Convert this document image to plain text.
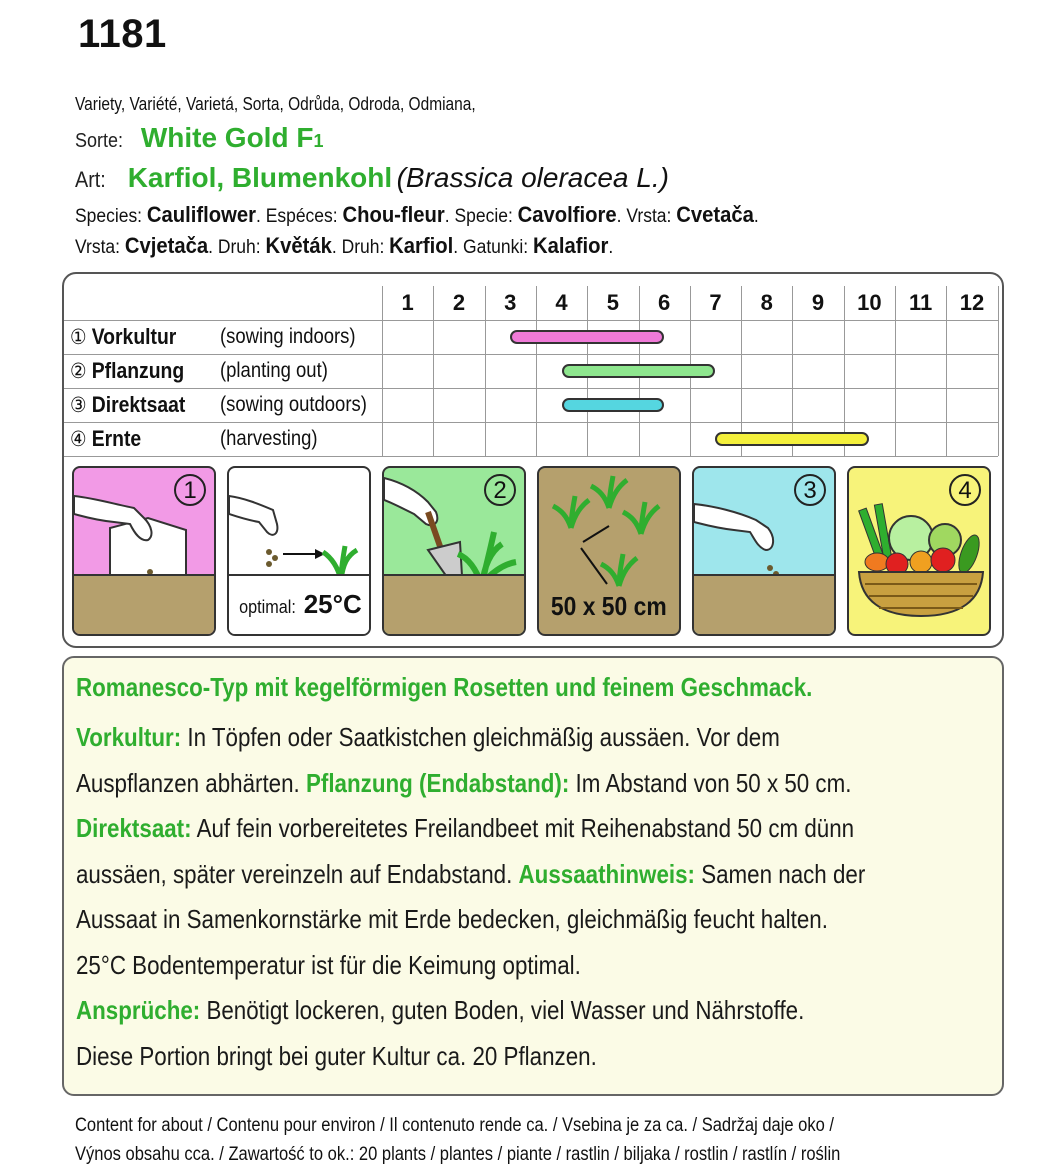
1181
Variety, Variété, Varietá, Sorta, Odrůda, Odroda, Odmiana,
Sorte: White Gold F1
Art: Karfiol, Blumenkohl (Brassica oleracea L.)
Species: Cauliflower. Espéces: Chou-fleur. Specie: Cavolfiore. Vrsta: Cvetača.
Vrsta: Cvjetača. Druh: Květák. Druh: Karfiol. Gatunki: Kalafior.
1	2	3	4	5	6	7	8	9	10	11	12
① Vorkultur (sowing indoors)
② Pflanzung (planting out)
③ Direktsaat (sowing outdoors)
④ Ernte	(harvesting)
1
optimal: 25°C
2
50 x 50 cm
3	4
Romanesco-Typ mit kegelförmigen Rosetten und feinem Geschmack.
Vorkultur: In Töpfen oder Saatkistchen gleichmäßig aussäen. Vor dem
Auspflanzen abhärten. Pflanzung (Endabstand): Im Abstand von 50 x 50 cm.
Direktsaat: Auf fein vorbereitetes Freilandbeet mit Reihenabstand 50 cm dünn
aussäen, später vereinzeln auf Endabstand. Aussaathinweis: Samen nach der
Aussaat in Samenkornstärke mit Erde bedecken, gleichmäßig feucht halten.
25°C Bodentemperatur ist für die Keimung optimal.
Ansprüche: Benötigt lockeren, guten Boden, viel Wasser und Nährstoffe.
Diese Portion bringt bei guter Kultur ca. 20 Pflanzen.
Content for about / Contenu pour environ / Il contenuto rende ca. / Vsebina je za ca. / Sadržaj daje oko /
Výnos obsahu cca. / Zawartość to ok.: 20 plants / plantes / piante / rastlin / biljaka / rostlin / rastlín / roślin
